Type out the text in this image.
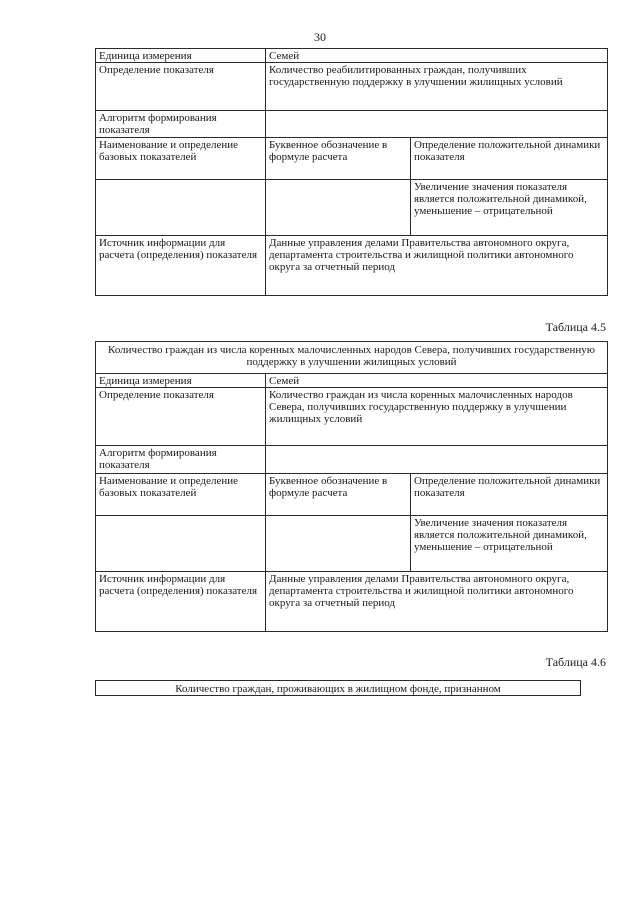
30
Единица измерения	Семей	
Определение показателя	Количество реабилитированных граждан, получивших государственную поддержку в улучшении жилищных условий	
Алгоритм формирования показателя		
Наименование и определение базовых показателей	Буквенное обозначение в формуле расчета	Определение положительной динамики показателя
		Увеличение значения показателя является положительной динамикой, уменьшение – отрицательной
Источник информации для расчета (определения) показателя	Данные управления делами Правительства автономного округа, департамента строительства и жилищной политики автономного округа за отчетный период	
Таблица 4.5
Количество граждан из числа коренных малочисленных народов Севера, получивших государственную поддержку в улучшении жилищных условий		
Единица измерения	Семей	
Определение показателя	Количество граждан из числа коренных малочисленных народов Севера, получивших государственную поддержку в улучшении жилищных условий	
Алгоритм формирования показателя		
Наименование и определение базовых показателей	Буквенное обозначение в формуле расчета	Определение положительной динамики показателя
		Увеличение значения показателя является положительной динамикой, уменьшение – отрицательной
Источник информации для расчета (определения) показателя	Данные управления делами Правительства автономного округа, департамента строительства и жилищной политики автономного округа за отчетный период	
Таблица 4.6
Количество граждан, проживающих в жилищном фонде, признанном
